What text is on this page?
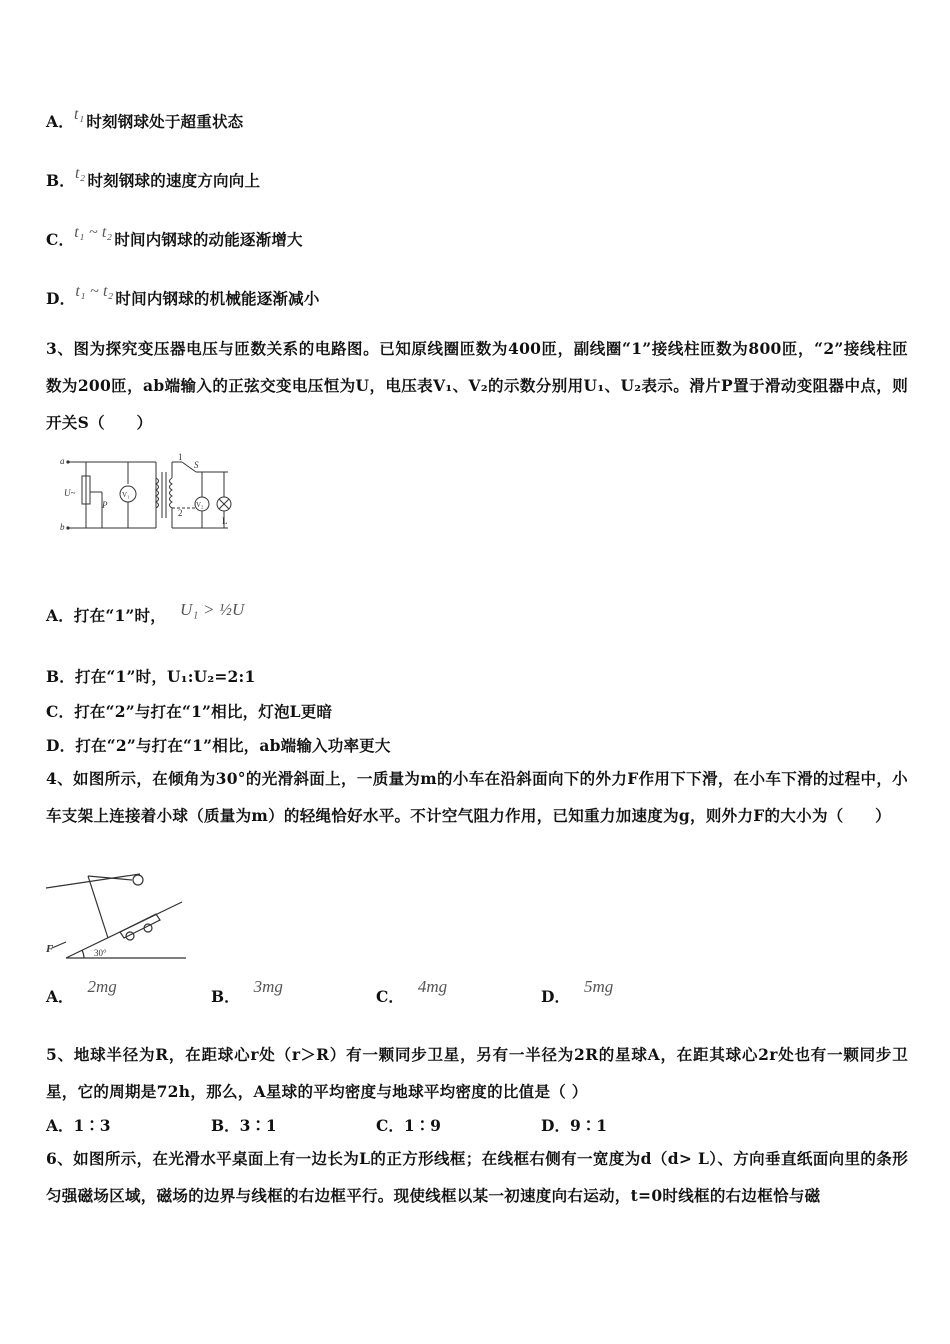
A．t₁ 时刻钢球处于超重状态
B．t₂ 时刻钢球的速度方向向上
C．t₁ ~ t₂ 时间内钢球的动能逐渐增大
D．t₁ ~ t₂ 时间内钢球的机械能逐渐减小
3、图为探究变压器电压与匝数关系的电路图。已知原线圈匝数为400匝，副线圈“1”接线柱匝数为800匝，“2”接线柱匝数为200匝，ab端输入的正弦交变电压恒为U，电压表V₁、V₂的示数分别用U₁、U₂表示。滑片P置于滑动变阻器中点，则开关S（　　）
a
b
U~
P
V₁
V₂
S
1
2
L
A．打在“1”时， U₁ > ½U
B．打在“1”时，U₁:U₂=2:1
C．打在“2”与打在“1”相比，灯泡L更暗
D．打在“2”与打在“1”相比，ab端输入功率更大
4、如图所示，在倾角为30°的光滑斜面上，一质量为m的小车在沿斜面向下的外力F作用下下滑，在小车下滑的过程中，小车支架上连接着小球（质量为m）的轻绳恰好水平。不计空气阻力作用，已知重力加速度为g，则外力F的大小为（　　）
F	30°
A．2mg
B．3mg
C．4mg
D．5mg
5、地球半径为R，在距球心r处（r＞R）有一颗同步卫星，另有一半径为2R的星球A，在距其球心2r处也有一颗同步卫星，它的周期是72h，那么，A星球的平均密度与地球平均密度的比值是（ ）
A．1∶3	B．3∶1	C．1∶9	D．9∶1
6、如图所示，在光滑水平桌面上有一边长为L的正方形线框；在线框右侧有一宽度为d（d> L）、方向垂直纸面向里的条形匀强磁场区域，磁场的边界与线框的右边框平行。现使线框以某一初速度向右运动，t=0时线框的右边框恰与磁
